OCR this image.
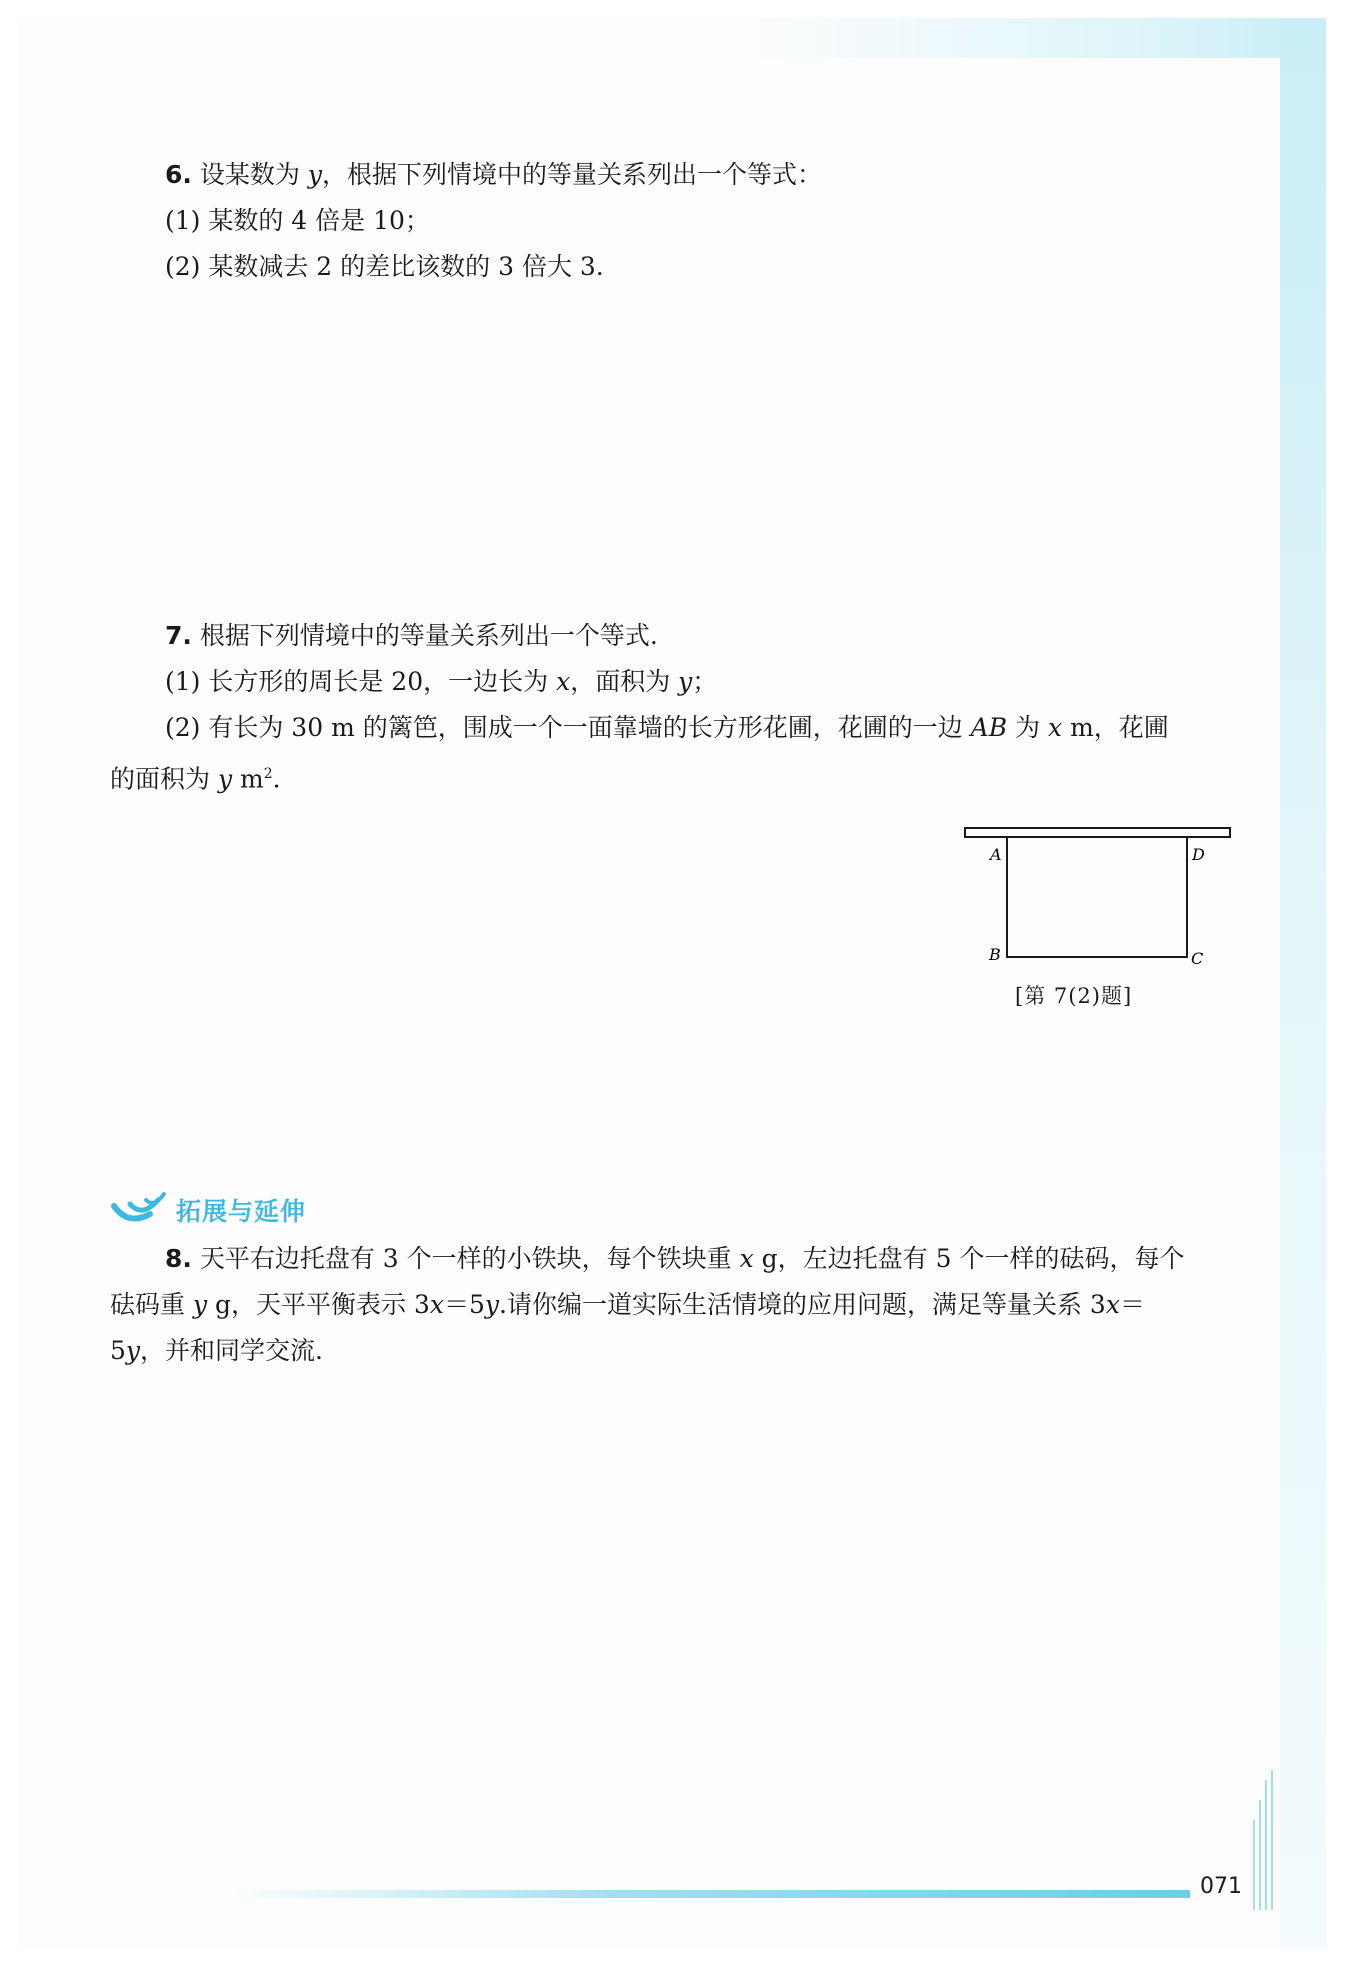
6. 设某数为 y，根据下列情境中的等量关系列出一个等式：
(1) 某数的 4 倍是 10；
(2) 某数减去 2 的差比该数的 3 倍大 3.
7. 根据下列情境中的等量关系列出一个等式.
(1) 长方形的周长是 20，一边长为 x，面积为 y；
(2) 有长为 30 m 的篱笆，围成一个一面靠墙的长方形花圃，花圃的一边 AB 为 x m，花圃
的面积为 y $m^2$.
A	D
B	C
[第 7(2)题]
拓展与延伸
8. 天平右边托盘有 3 个一样的小铁块，每个铁块重 x g，左边托盘有 5 个一样的砝码，每个
砝码重 y g，天平平衡表示 3x＝5y.请你编一道实际生活情境的应用问题，满足等量关系 3x＝
5y，并和同学交流.
071
